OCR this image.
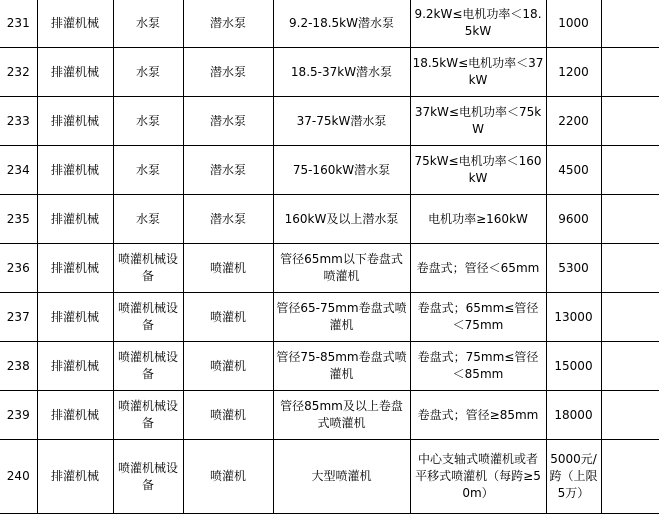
231	排灌机械	水泵	潜水泵	9.2-18.5kW潜水泵	9.2kW≤电机功率＜18.5kW	1000	
232	排灌机械	水泵	潜水泵	18.5-37kW潜水泵	18.5kW≤电机功率＜37kW	1200	
233	排灌机械	水泵	潜水泵	37-75kW潜水泵	37kW≤电机功率＜75kW	2200	
234	排灌机械	水泵	潜水泵	75-160kW潜水泵	75kW≤电机功率＜160kW	4500	
235	排灌机械	水泵	潜水泵	160kW及以上潜水泵	电机功率≥160kW	9600	
236	排灌机械	喷灌机械设备	喷灌机	管径65mm以下卷盘式喷灌机	卷盘式；管径＜65mm	5300	
237	排灌机械	喷灌机械设备	喷灌机	管径65-75mm卷盘式喷灌机	卷盘式；65mm≤管径＜75mm	13000	
238	排灌机械	喷灌机械设备	喷灌机	管径75-85mm卷盘式喷灌机	卷盘式；75mm≤管径＜85mm	15000	
239	排灌机械	喷灌机械设备	喷灌机	管径85mm及以上卷盘式喷灌机	卷盘式；管径≥85mm	18000	
240	排灌机械	喷灌机械设备	喷灌机	大型喷灌机	中心支轴式喷灌机或者平移式喷灌机（每跨≥50m）	5000元/跨（上限5万）	
